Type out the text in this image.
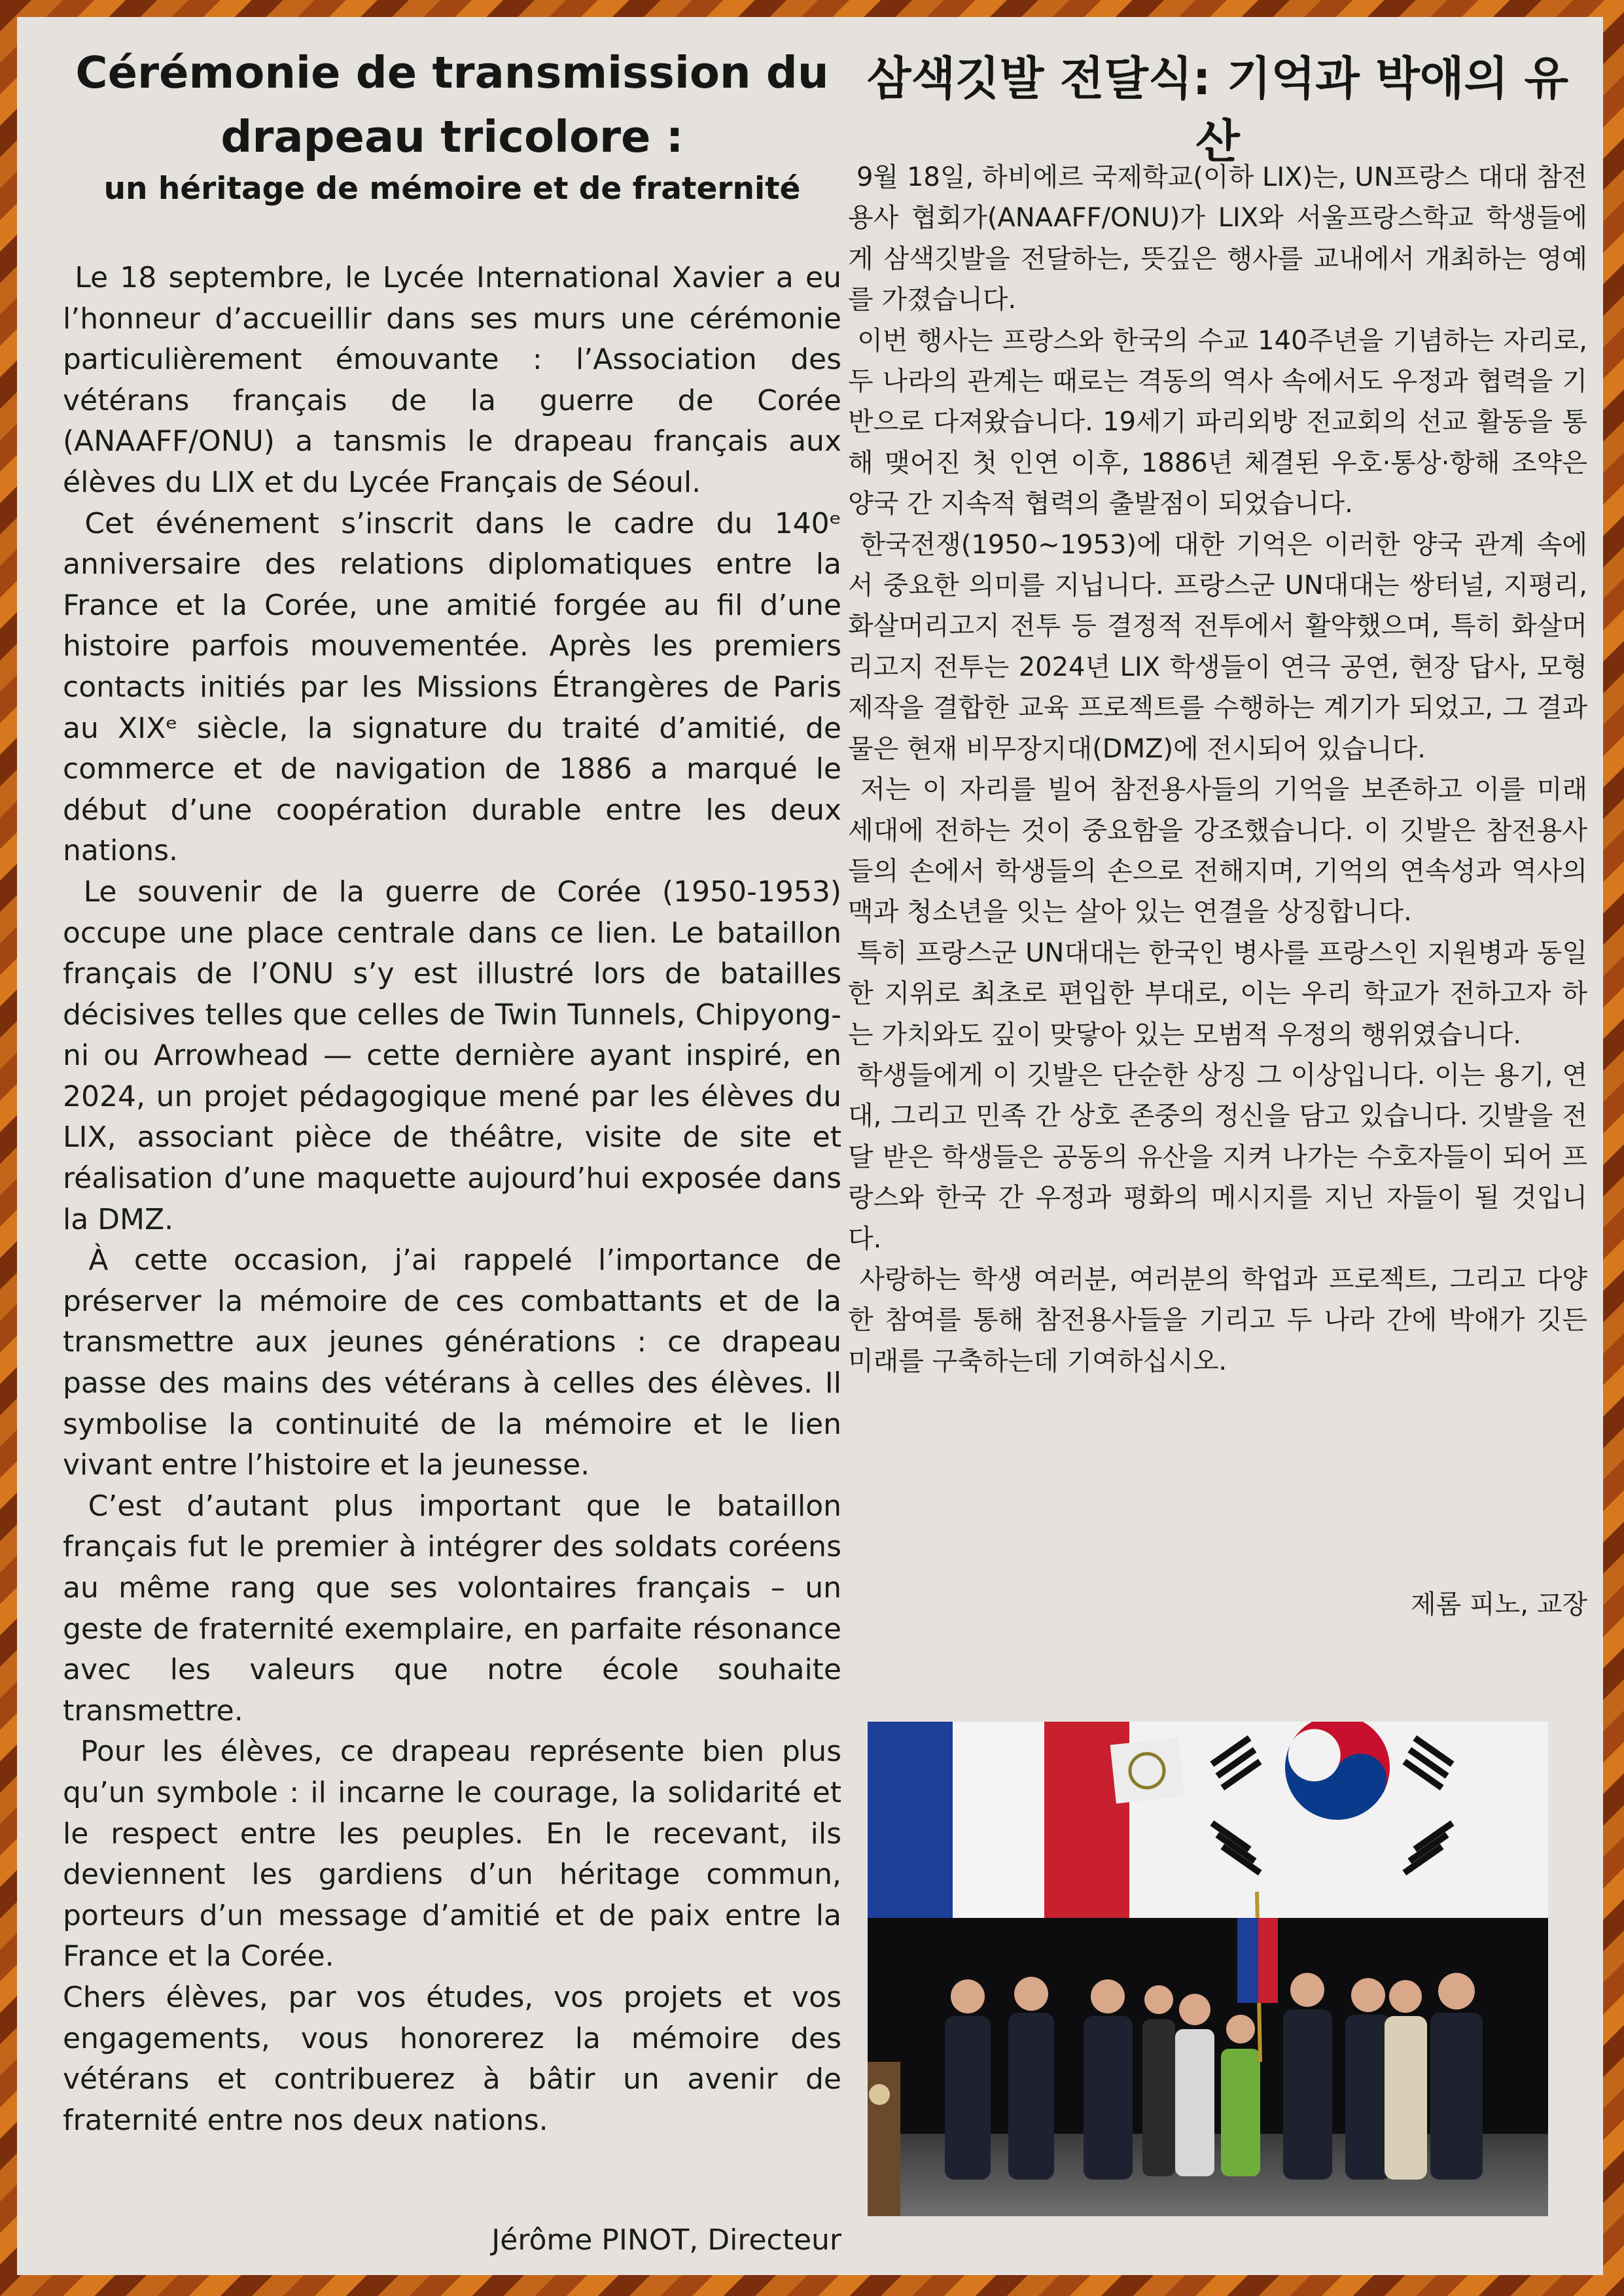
Cérémonie de transmission du drapeau tricolore :
un héritage de mémoire et de fraternité

Le 18 septembre, le Lycée International Xavier a eu l’honneur d’accueillir dans ses murs une cérémonie particulièrement émouvante : l’Association des vétérans français de la guerre de Corée (ANAAFF/ONU) a tansmis le drapeau français aux élèves du LIX et du Lycée Français de Séoul.

Cet événement s’inscrit dans le cadre du 140ᵉ anniversaire des relations diplomatiques entre la France et la Corée, une amitié forgée au fil d’une histoire parfois mouvementée. Après les premiers contacts initiés par les Missions Étrangères de Paris au XIXᵉ siècle, la signature du traité d’amitié, de commerce et de navigation de 1886 a marqué le début d’une coopération durable entre les deux nations.

Le souvenir de la guerre de Corée (1950-1953) occupe une place centrale dans ce lien. Le bataillon français de l’ONU s’y est illustré lors de batailles décisives telles que celles de Twin Tunnels, Chipyong-ni ou Arrowhead — cette dernière ayant inspiré, en 2024, un projet pédagogique mené par les élèves du LIX, associant pièce de théâtre, visite de site et réalisation d’une maquette aujourd’hui exposée dans la DMZ.

À cette occasion, j’ai rappelé l’importance de préserver la mémoire de ces combattants et de la transmettre aux jeunes générations : ce drapeau passe des mains des vétérans à celles des élèves. Il symbolise la continuité de la mémoire et le lien vivant entre l’histoire et la jeunesse.

C’est d’autant plus important que le bataillon français fut le premier à intégrer des soldats coréens au même rang que ses volontaires français – un geste de fraternité exemplaire, en parfaite résonance avec les valeurs que notre école souhaite transmettre.

Pour les élèves, ce drapeau représente bien plus qu’un symbole : il incarne le courage, la solidarité et le respect entre les peuples. En le recevant, ils deviennent les gardiens d’un héritage commun, porteurs d’un message d’amitié et de paix entre la France et la Corée.

Chers élèves, par vos études, vos projets et vos engagements, vous honorerez la mémoire des vétérans et contribuerez à bâtir un avenir de fraternité entre nos deux nations.

Jérôme PINOT, Directeur
삼색깃발 전달식: 기억과 박애의 유산

9월 18일, 하비에르 국제학교(이하 LIX)는, UN프랑스 대대 참전 용사 협회가(ANAAFF/ONU)가 LIX와 서울프랑스학교 학생들에게 삼색깃발을 전달하는, 뜻깊은 행사를 교내에서 개최하는 영예를 가졌습니다.

이번 행사는 프랑스와 한국의 수교 140주년을 기념하는 자리로, 두 나라의 관계는 때로는 격동의 역사 속에서도 우정과 협력을 기반으로 다져왔습니다. 19세기 파리외방 전교회의 선교 활동을 통해 맺어진 첫 인연 이후, 1886년 체결된 우호·통상·항해 조약은 양국 간 지속적 협력의 출발점이 되었습니다.

한국전쟁(1950~1953)에 대한 기억은 이러한 양국 관계 속에서 중요한 의미를 지닙니다. 프랑스군 UN대대는 쌍터널, 지평리, 화살머리고지 전투 등 결정적 전투에서 활약했으며, 특히 화살머리고지 전투는 2024년 LIX 학생들이 연극 공연, 현장 답사, 모형 제작을 결합한 교육 프로젝트를 수행하는 계기가 되었고, 그 결과물은 현재 비무장지대(DMZ)에 전시되어 있습니다.

저는 이 자리를 빌어 참전용사들의 기억을 보존하고 이를 미래 세대에 전하는 것이 중요함을 강조했습니다. 이 깃발은 참전용사들의 손에서 학생들의 손으로 전해지며, 기억의 연속성과 역사의 맥과 청소년을 잇는 살아 있는 연결을 상징합니다.

특히 프랑스군 UN대대는 한국인 병사를 프랑스인 지원병과 동일한 지위로 최초로 편입한 부대로, 이는 우리 학교가 전하고자 하는 가치와도 깊이 맞닿아 있는 모범적 우정의 행위였습니다.

학생들에게 이 깃발은 단순한 상징 그 이상입니다. 이는 용기, 연대, 그리고 민족 간 상호 존중의 정신을 담고 있습니다. 깃발을 전달 받은 학생들은 공동의 유산을 지켜 나가는 수호자들이 되어 프랑스와 한국 간 우정과 평화의 메시지를 지닌 자들이 될 것입니다.

사랑하는 학생 여러분, 여러분의 학업과 프로젝트, 그리고 다양한 참여를 통해 참전용사들을 기리고 두 나라 간에 박애가 깃든 미래를 구축하는데 기여하십시오.

제롬 피노, 교장
